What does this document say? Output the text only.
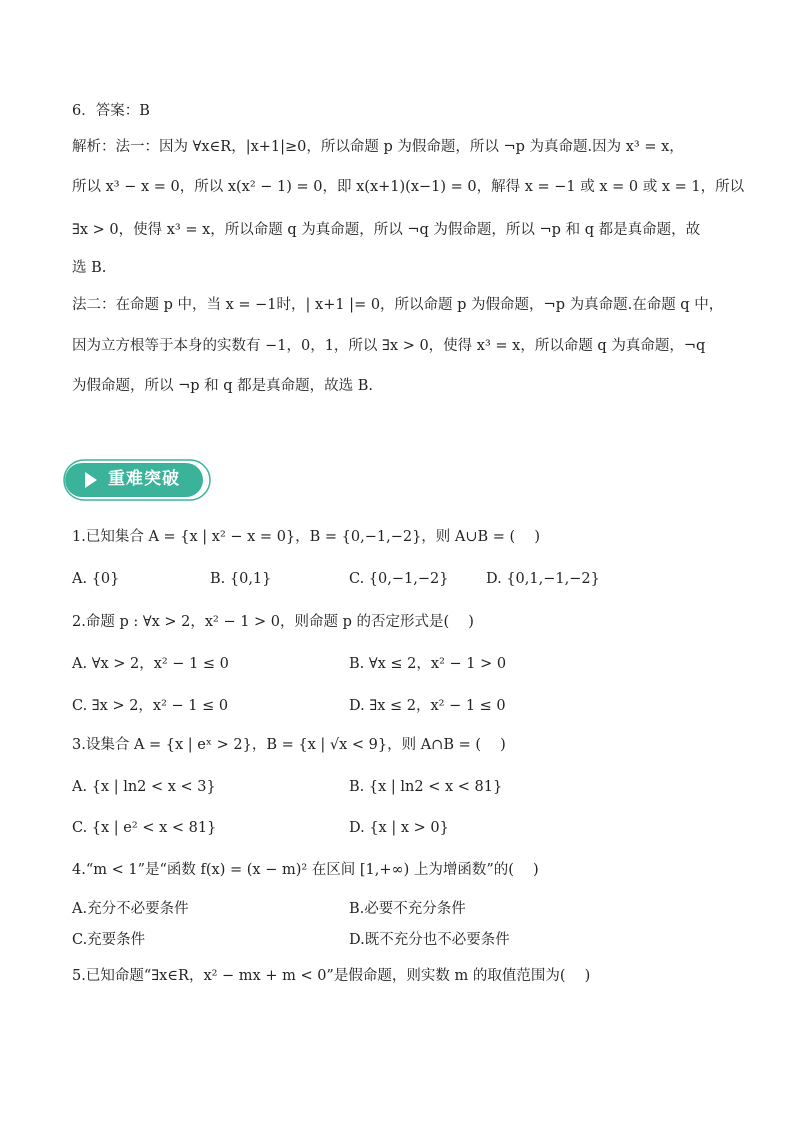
6．答案：B
解析：法一：因为 ∀x∈R，|x+1|≥0，所以命题 p 为假命题，所以 ¬p 为真命题.因为 x³ = x，
所以 x³ − x = 0，所以 x(x² − 1) = 0，即 x(x+1)(x−1) = 0，解得 x = −1 或 x = 0 或 x = 1，所以
∃x > 0，使得 x³ = x，所以命题 q 为真命题，所以 ¬q 为假命题，所以 ¬p 和 q 都是真命题，故
选 B.
法二：在命题 p 中，当 x = −1时，| x+1 |= 0，所以命题 p 为假命题，¬p 为真命题.在命题 q 中，
因为立方根等于本身的实数有 −1，0，1，所以 ∃x > 0，使得 x³ = x，所以命题 q 为真命题，¬q
为假命题，所以 ¬p 和 q 都是真命题，故选 B.
重难突破
1.已知集合 A = {x | x² − x = 0}，B = {0,−1,−2}，则 A∪B = (　 )
A. {0}	B. {0,1}	C. {0,−1,−2}	D. {0,1,−1,−2}
2.命题 p : ∀x > 2，x² − 1 > 0，则命题 p 的否定形式是(　 )
A. ∀x > 2，x² − 1 ≤ 0	B. ∀x ≤ 2，x² − 1 > 0
C. ∃x > 2，x² − 1 ≤ 0	D. ∃x ≤ 2，x² − 1 ≤ 0
3.设集合 A = {x | eˣ > 2}，B = {x | √x < 9}，则 A∩B = (　 )
A. {x | ln2 < x < 3}	B. {x | ln2 < x < 81}
C. {x | e² < x < 81}	D. {x | x > 0}
4.“m < 1”是“函数 f(x) = (x − m)² 在区间 [1,+∞) 上为增函数”的(　 )
A.充分不必要条件	B.必要不充分条件
C.充要条件	D.既不充分也不必要条件
5.已知命题“∃x∈R，x² − mx + m < 0”是假命题，则实数 m 的取值范围为(　 )
